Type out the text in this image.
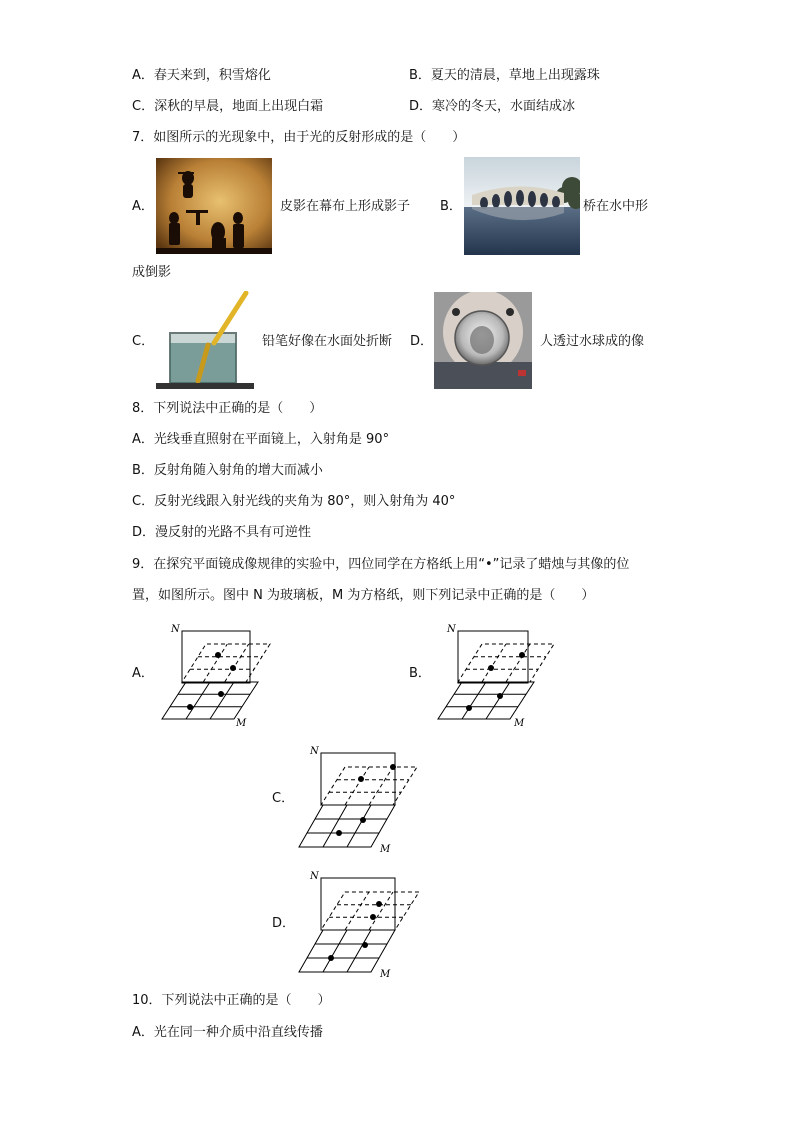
A．春天来到，积雪熔化	B．夏天的清晨，草地上出现露珠
C．深秋的早晨，地面上出现白霜	D．寒冷的冬天，水面结成冰
7．如图所示的光现象中，由于光的反射形成的是（　　）
A．	皮影在幕布上形成影子 B．	桥在水中形
成倒影
C．	铅笔好像在水面处折断 D．	人透过水球成的像
8．下列说法中正确的是（　　）
A．光线垂直照射在平面镜上，入射角是 90°
B．反射角随入射角的增大而减小
C．反射光线跟入射光线的夹角为 80°，则入射角为 40°
D．漫反射的光路不具有可逆性
9．在探究平面镜成像规律的实验中，四位同学在方格纸上用“•”记录了蜡烛与其像的位
置，如图所示。图中 N 为玻璃板，M 为方格纸，则下列记录中正确的是（　　）
A．
N
M
B．
N
M
C．
N
M
D．
N
M
10．下列说法中正确的是（　　）
A．光在同一种介质中沿直线传播
